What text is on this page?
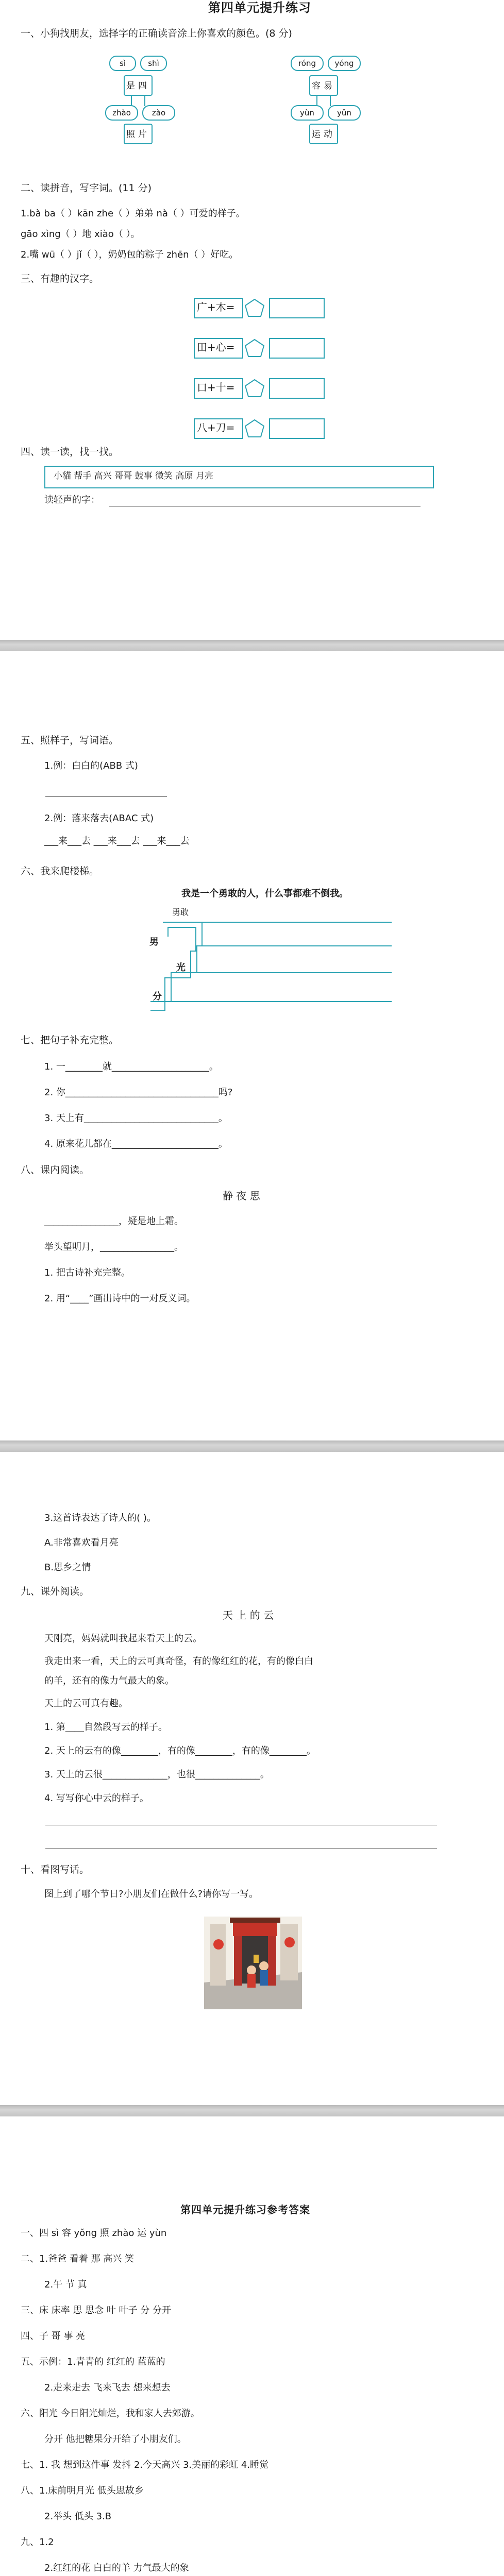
第四单元提升练习
一、小狗找朋友，选择字的正确读音涂上你喜欢的颜色。(8 分)
sì	shì
是 四
róng	yóng
容 易
zhào	zào
照 片
yùn	yǔn
运 动
二、读拼音，写字词。(11 分)
1.bà ba（ ）kān zhe（ ）弟弟 nà（ ）可爱的样子。
gāo xìng（ ）地 xiào（ ）。
2.嘴 wū（ ）jǐ（ ），奶奶包的粽子 zhēn（ ）好吃。
三、有趣的汉字。
广+木=
田+心=
口+十=
八+刀=
四、读一读，找一找。
小貓 帮手 高兴 哥哥 鼓事 微笑 高原 月亮
读轻声的字：
五、照样子，写词语。
1.例：白白的(ABB 式)
2.例：落来落去(ABAC 式)
___来___去 ___来___去 ___来___去
六、我来爬楼梯。
我是一个勇敢的人，什么事都难不倒我。
勇敢
男
光
分
七、把句子补充完整。
1. 一________就_____________________。
2. 你_________________________________吗?
3. 天上有_____________________________。
4. 原来花儿都在_______________________。
八、课内阅读。
静 夜 思
________________，疑是地上霜。
举头望明月，________________。
1. 把古诗补充完整。
2. 用“____”画出诗中的一对反义词。
3.这首诗表达了诗人的( )。
A.非常喜欢看月亮
B.思乡之情
九、课外阅读。
天 上 的 云
天刚亮，妈妈就叫我起来看天上的云。
我走出来一看，天上的云可真奇怪，有的像红红的花，有的像白白
的羊，还有的像力气最大的象。
天上的云可真有趣。
1. 第____自然段写云的样子。
2. 天上的云有的像________，有的像________，有的像________。
3. 天上的云很______________，也很______________。
4. 写写你心中云的样子。
十、看图写话。
图上到了哪个节日?小朋友们在做什么?请你写一写。
第四单元提升练习参考答案
一、四 sì 容 yǒng 照 zhào 运 yùn
二、1.爸爸 看着 那 高兴 笑
2.午 节 真
三、床 床率 思 思念 叶 叶子 分 分开
四、子 哥 事 亮
五、示例：1.青青的 红红的 蓝蓝的
2.走来走去 飞来飞去 想来想去
六、阳光 今日阳光灿烂，我和家人去郊游。
分开 他把糖果分开给了小朋友们。
七、1. 我 想到这件事 发抖 2.今天高兴 3.美丽的彩虹 4.睡觉
八、1.床前明月光 低头思故乡
2.举头 低头 3.B
九、1.2
2.红红的花 白白的羊 力气最大的象
